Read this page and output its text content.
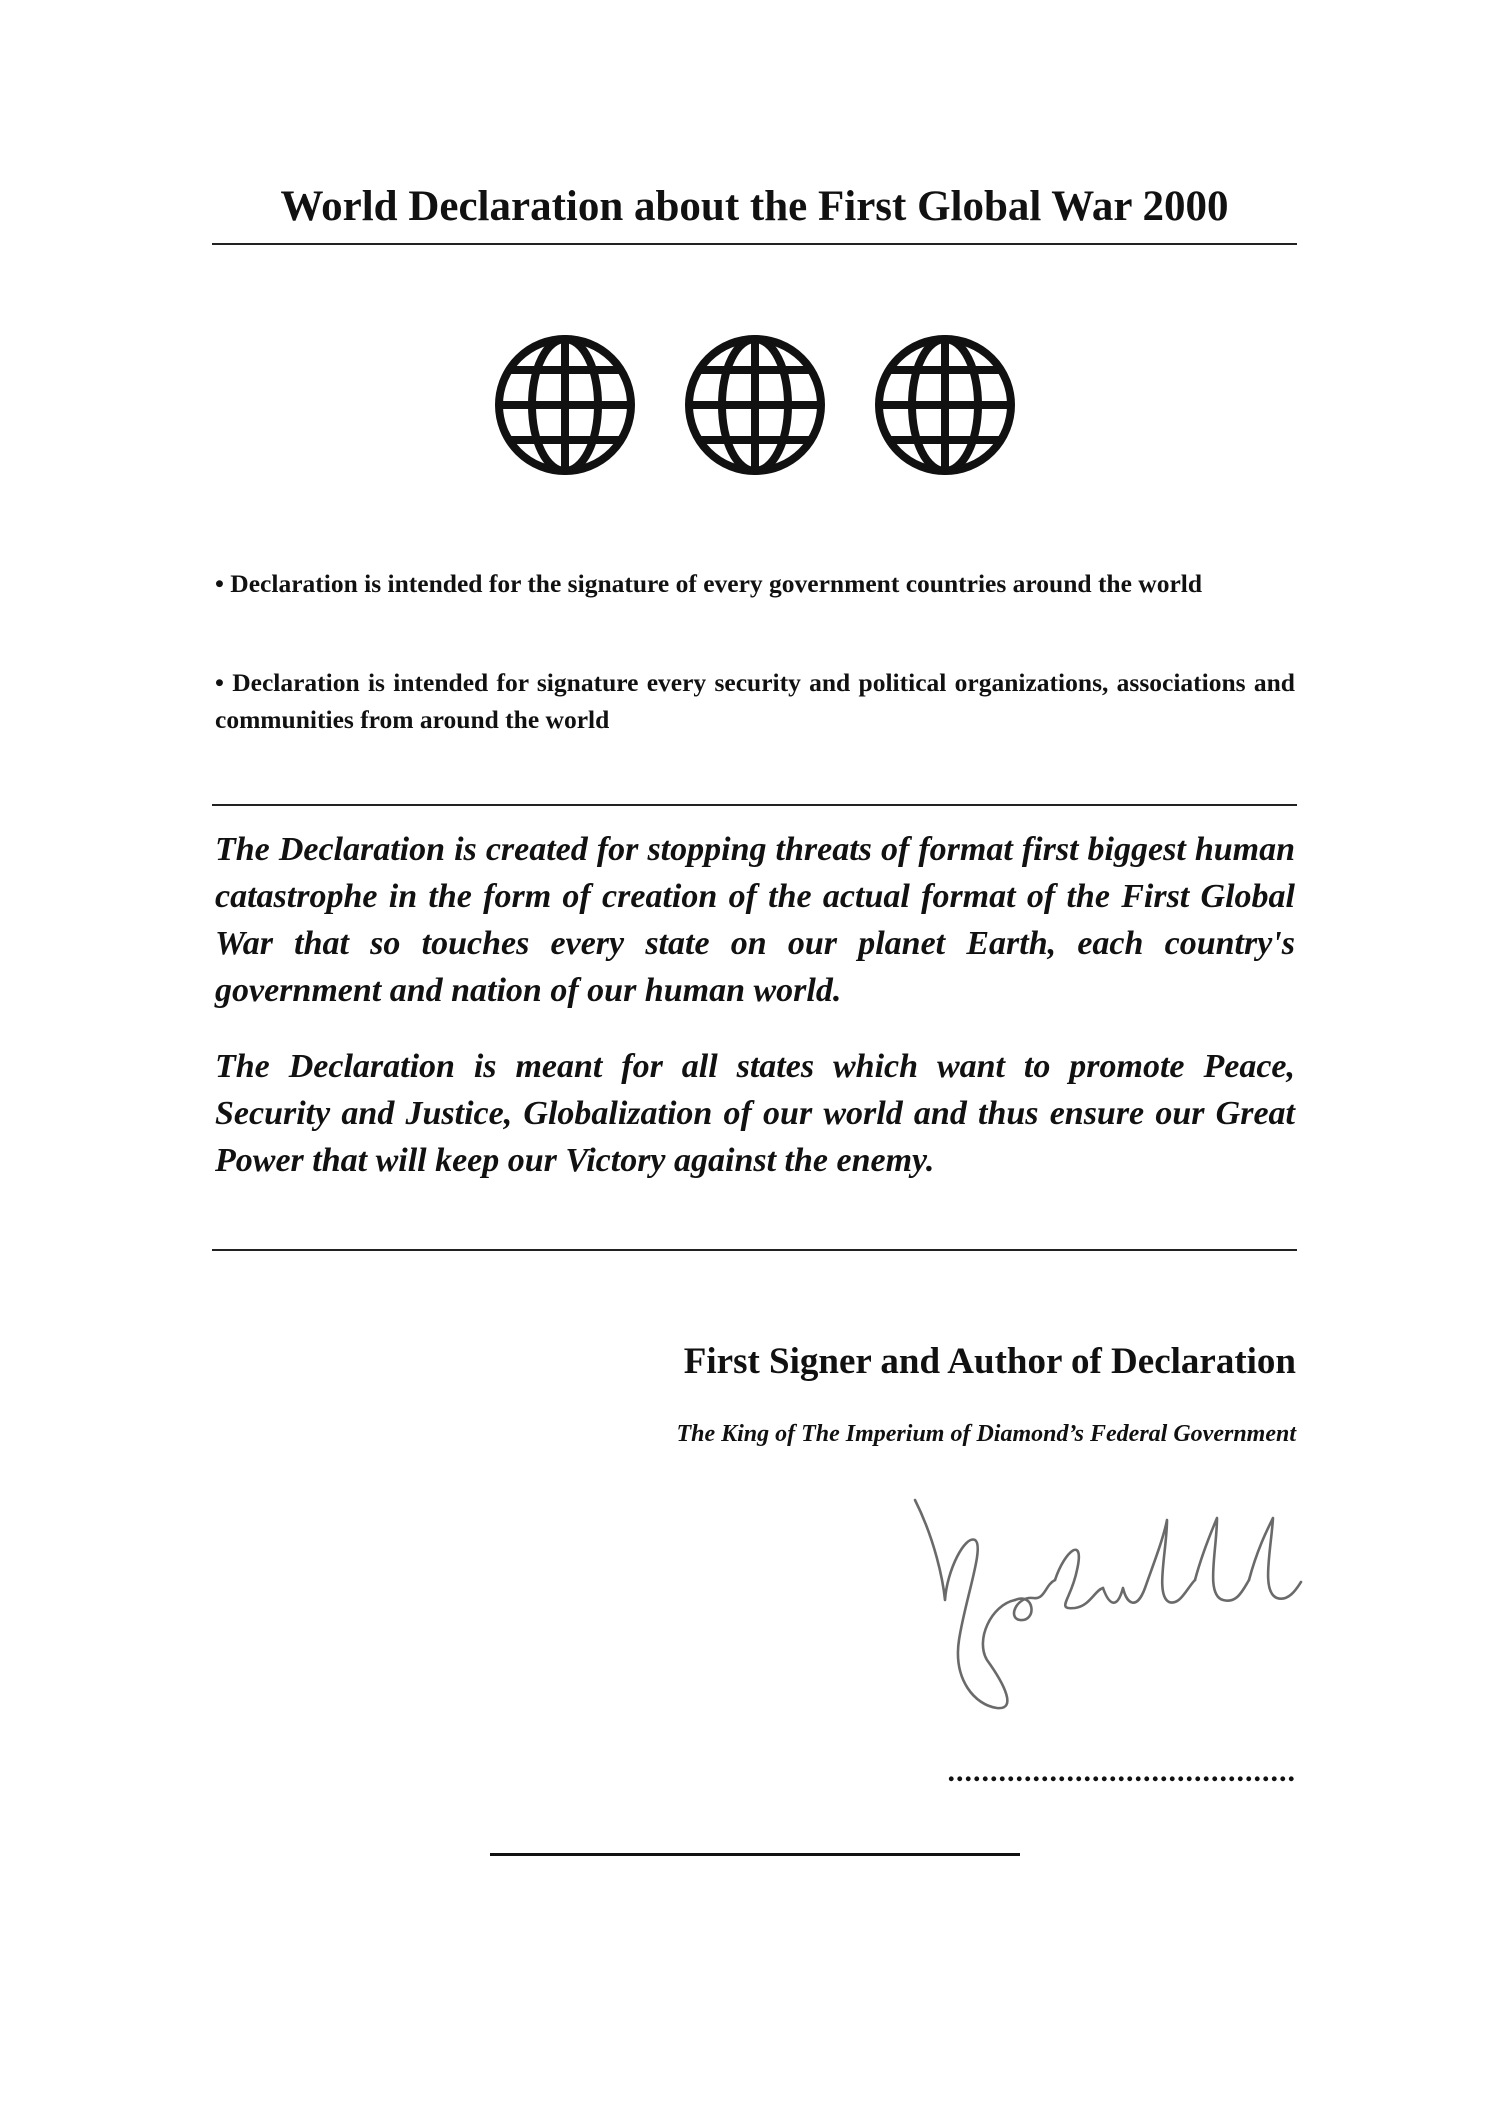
World Declaration about the First Global War 2000

• Declaration is intended for the signature of every government countries around the world

• Declaration is intended for signature every security and political organizations, associations and communities from around the world

The Declaration is created for stopping threats of format first biggest human catastrophe in the form of creation of the actual format of the First Global War that so touches every state on our planet Earth, each country's government and nation of our human world.

The Declaration is meant for all states which want to promote Peace, Security and Justice, Globalization of our world and thus ensure our Great Power that will keep our Victory against the enemy.

First Signer and Author of Declaration

The King of The Imperium of Diamond’s Federal Government

.........................................
